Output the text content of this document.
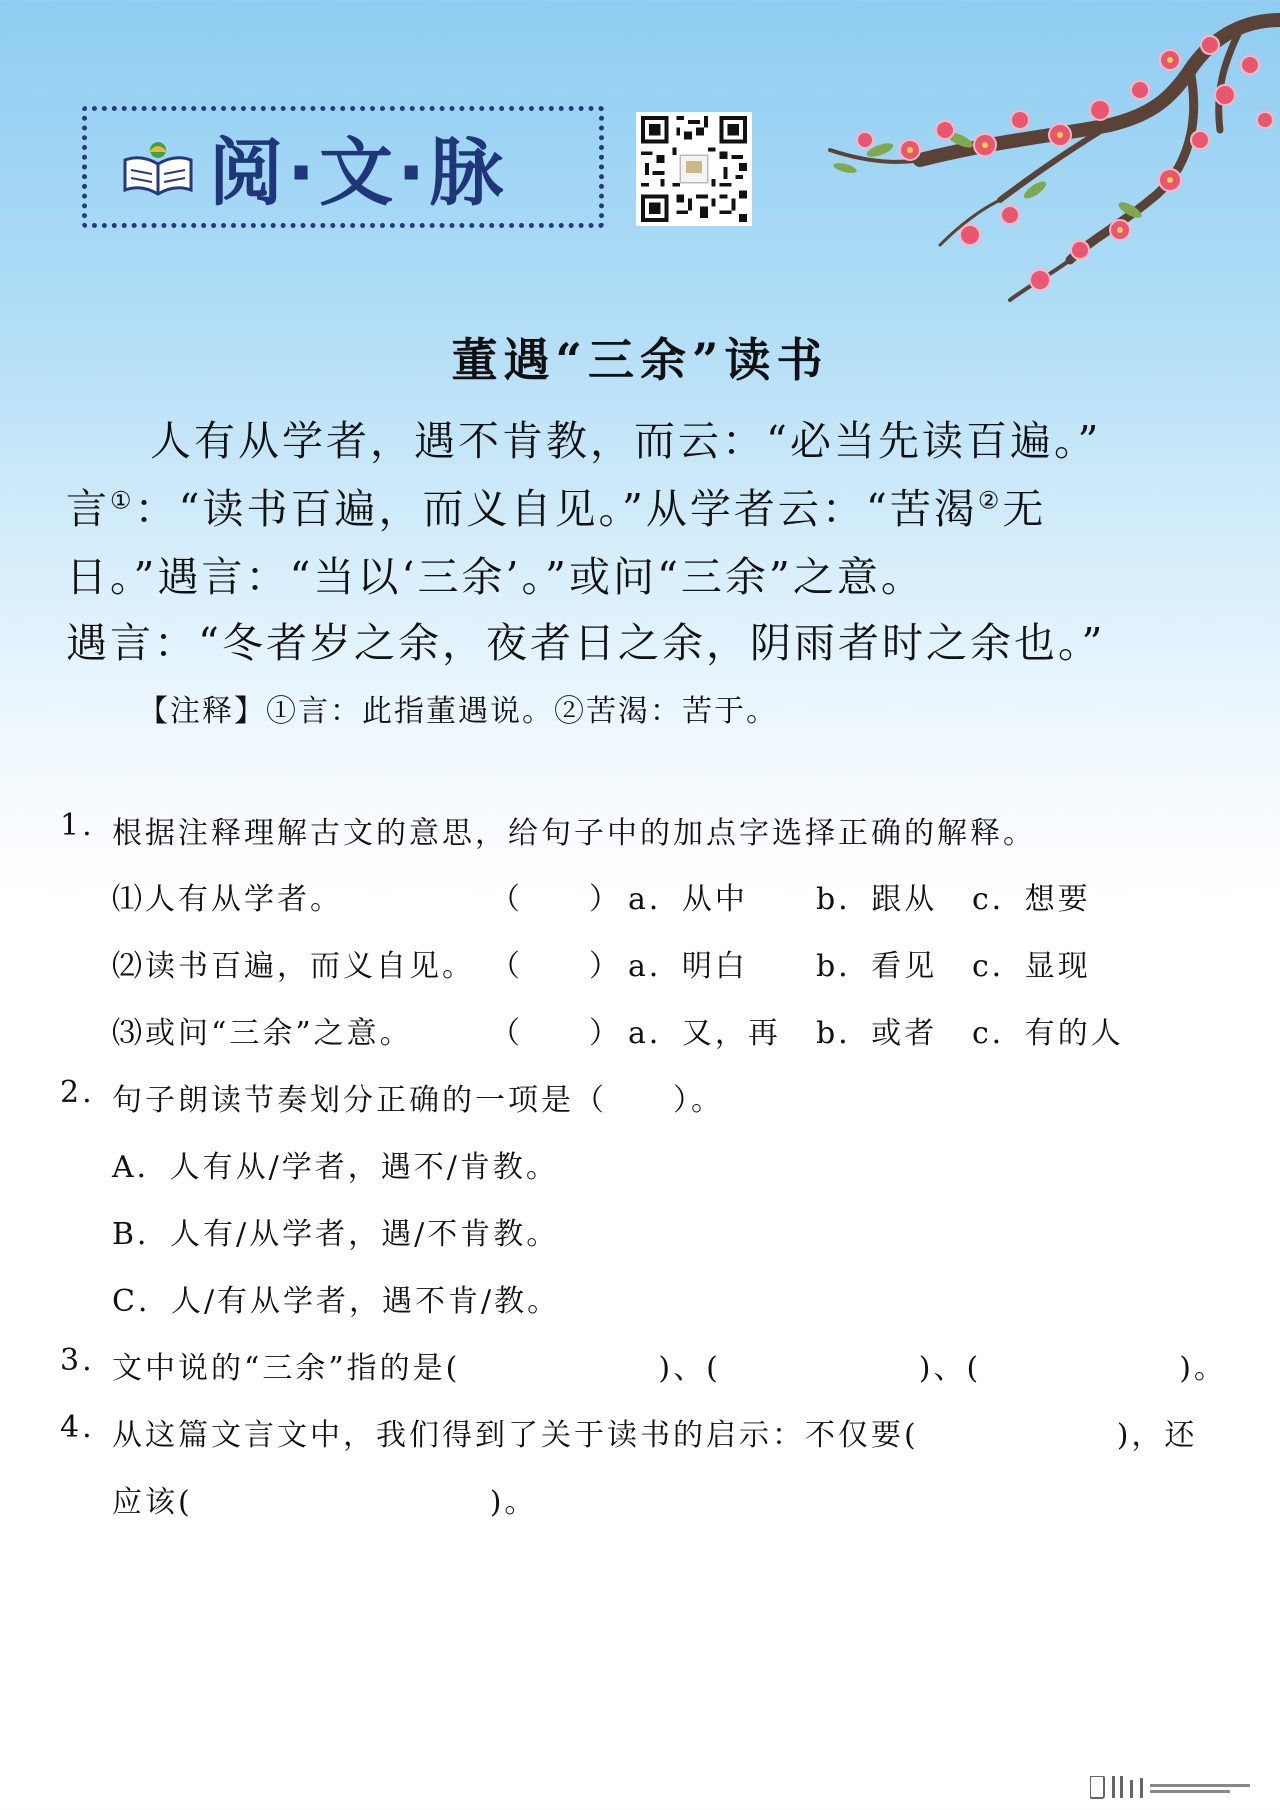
阅·文·脉
董遇“三余”读书
人有从学者，遇不肯教，而云：“必当先读百遍。”
言①：“读书百遍，而义自见。”从学者云：“苦渴②无
日。”遇言：“当以‘三余’。”或问“三余”之意。
遇言：“冬者岁之余，夜者日之余，阴雨者时之余也。”
【注释】①言：此指董遇说。②苦渴：苦于。
1. 根据注释理解古文的意思，给句子中的加点字选择正确的解释。
⑴人有从学者。	（　　） a．从中 b．跟从 c．想要
⑵读书百遍，而义自见。 （　　） a．明白 b．看见 c．显现
⑶或问“三余”之意。	（　　） a．又，再 b．或者 c．有的人
2. 句子朗读节奏划分正确的一项是（　　）。
A．人有从/学者，遇不/肯教。
B．人有/从学者，遇/不肯教。
C．人/有从学者，遇不肯/教。
3. 文中说的“三余”指的是(　　　　　　)、(　　　　　　)、(　　　　　　)。
4. 从这篇文言文中，我们得到了关于读书的启示：不仅要(　　　　　　)，还
应该(　　　　　　　　　)。
